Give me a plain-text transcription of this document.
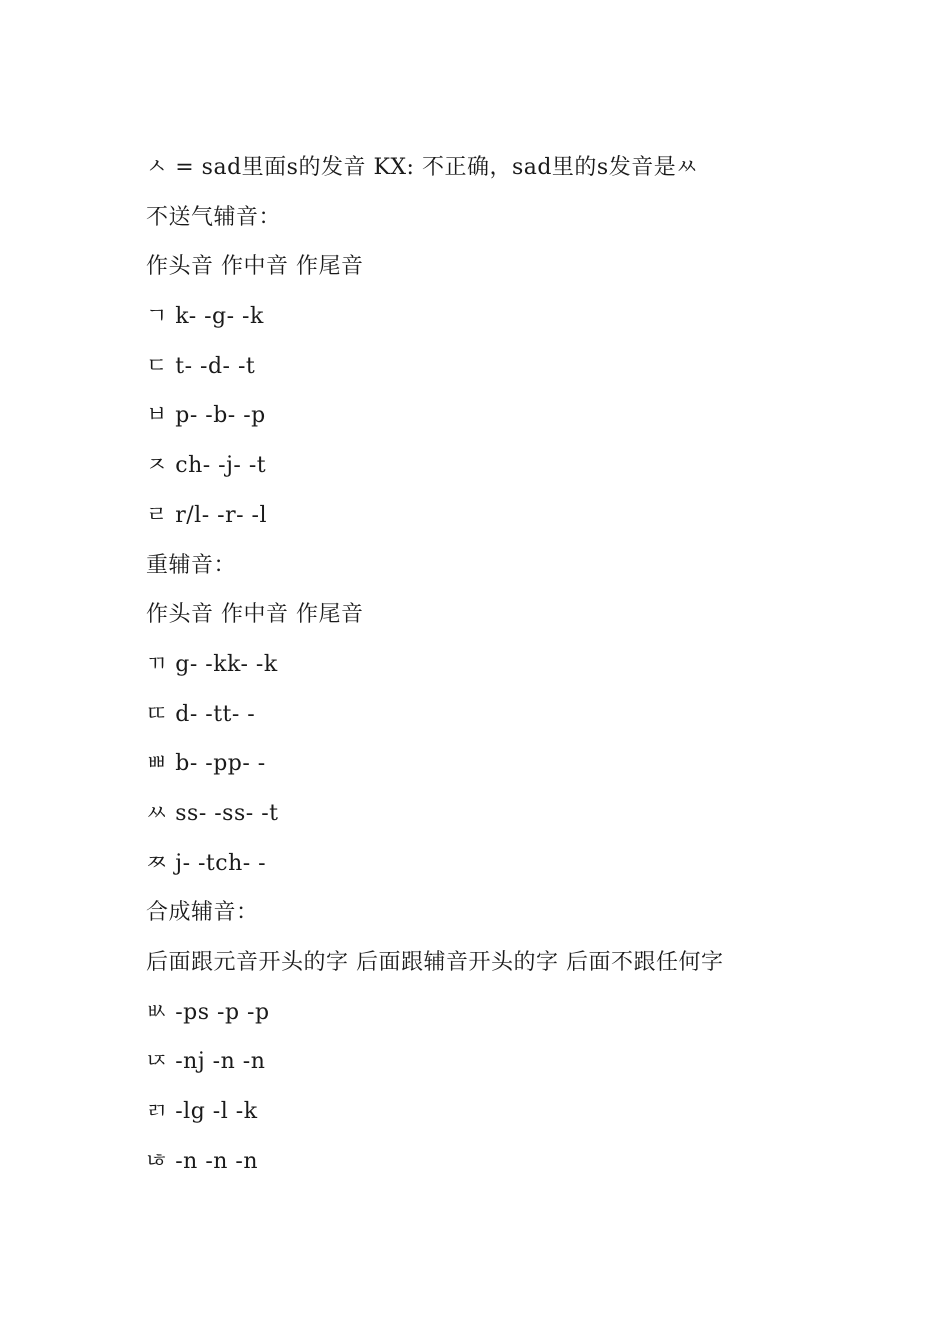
ㅅ = sad里面s的发音 KX: 不正确，sad里的s发音是ㅆ
不送气辅音：
作头音 作中音 作尾音
ㄱ k- -g- -k
ㄷ t- -d- -t
ㅂ p- -b- -p
ㅈ ch- -j- -t
ㄹ r/l- -r- -l
重辅音：
作头音 作中音 作尾音
ㄲ g- -kk- -k
ㄸ d- -tt- -
ㅃ b- -pp- -
ㅆ ss- -ss- -t
ㅉ j- -tch- -
合成辅音：
后面跟元音开头的字 后面跟辅音开头的字 后面不跟任何字
ㅄ -ps -p -p
ㄵ -nj -n -n
ㄺ -lg -l -k
ㄶ -n -n -n
